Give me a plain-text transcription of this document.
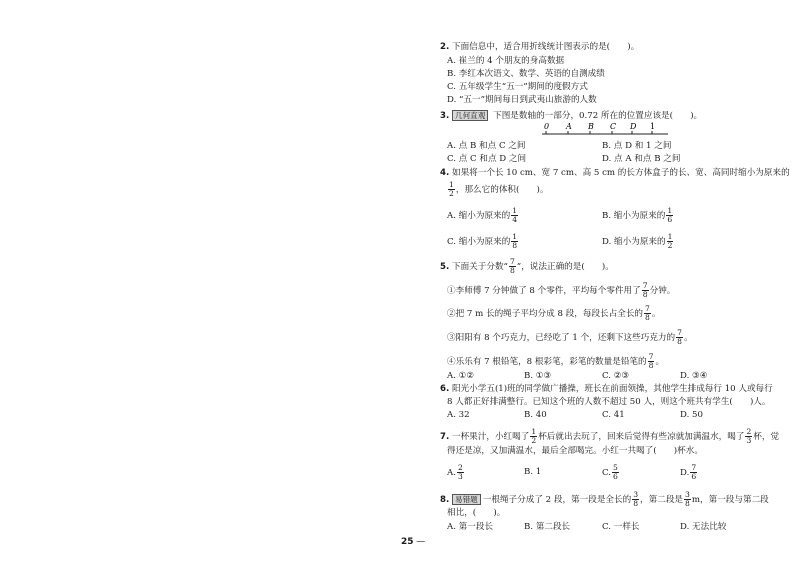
2. 下面信息中，适合用折线统计图表示的是(　　)。
A. 崔兰的 4 个朋友的身高数据
B. 李红本次语文、数学、英语的自测成绩
C. 五年级学生“五一”期间的度假方式
D. “五一”期间每日到武夷山旅游的人数
3. 几何直观 下图是数轴的一部分，0.72 所在的位置应该是(　　)。
0 A B C D 1
A. 点 B 和点 C 之间	B. 点 D 和 1 之间
C. 点 C 和点 D 之间	D. 点 A 和点 B 之间
4. 如果将一个长 10 cm、宽 7 cm、高 5 cm 的长方体盒子的长、宽、高同时缩小为原来的
$\frac{1}{2}$ ，那么它的体积(　　)。
A. 缩小为原来的 $\frac{1}{4}$	B. 缩小为原来的 $\frac{1}{6}$
C. 缩小为原来的 $\frac{1}{8}$	D. 缩小为原来的 $\frac{1}{2}$
5. 下面关于分数“ $\frac{7}{8}$ ”，说法正确的是(　　)。
①李师傅 7 分钟做了 8 个零件，平均每个零件用了 $\frac{7}{8}$ 分钟。
②把 7 m 长的绳子平均分成 8 段，每段长占全长的 $\frac{7}{8}$ 。
③阳阳有 8 个巧克力，已经吃了 1 个，还剩下这些巧克力的 $\frac{7}{8}$ 。
④乐乐有 7 根铅笔，8 根彩笔，彩笔的数量是铅笔的 $\frac{7}{8}$ 。
A. ①②	B. ①③	C. ②③	D. ③④
6. 阳光小学五(1)班的同学做广播操，班长在前面领操，其他学生排成每行 10 人或每行
8 人都正好排满整行。已知这个班的人数不超过 50 人，则这个班共有学生(　　)人。
A. 32	B. 40	C. 41	D. 50
7. 一杯果汁，小红喝了 $\frac{1}{2}$ 杯后就出去玩了，回来后觉得有些凉就加满温水，喝了 $\frac{2}{3}$ 杯，觉
得还是凉，又加满温水，最后全部喝完。小红一共喝了(　　)杯水。
A. $\frac{2}{3}$	B. 1	C. $\frac{5}{6}$	D. $\frac{7}{6}$
8. 易错题 一根绳子分成了 2 段，第一段是全长的 $\frac{3}{8}$ ，第二段是 $\frac{3}{8}$ m，第一段与第二段
相比，(　　)。
A. 第一段长	B. 第二段长	C. 一样长	D. 无法比较
25 —
